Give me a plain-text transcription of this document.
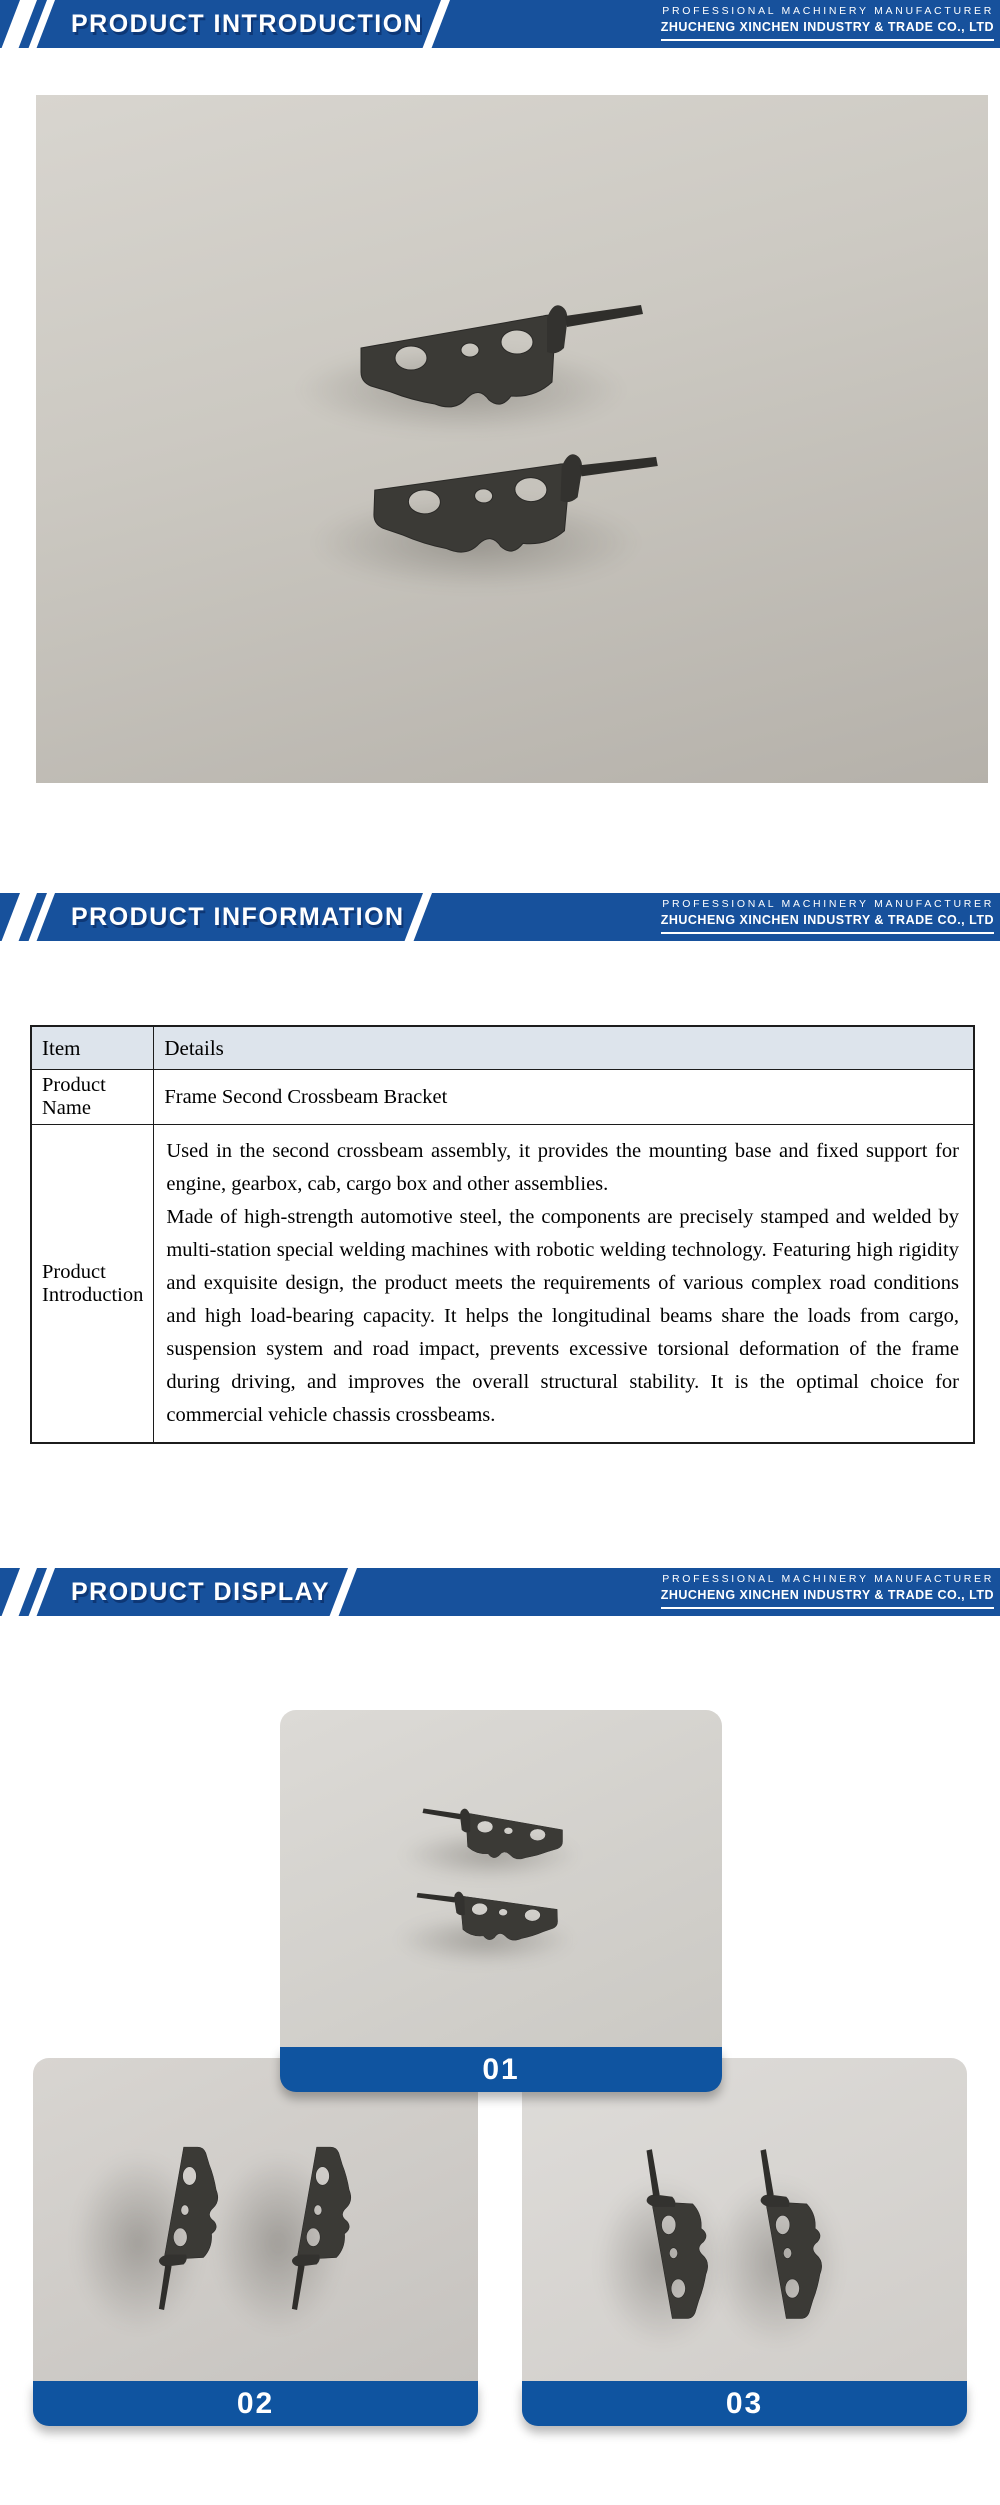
PRODUCT INTRODUCTION	PROFESSIONAL MACHINERY MANUFACTURER
ZHUCHENG XINCHEN INDUSTRY & TRADE CO., LTD
PRODUCT INFORMATION	PROFESSIONAL MACHINERY MANUFACTURER
ZHUCHENG XINCHEN INDUSTRY & TRADE CO., LTD
Item	Details
Product Name	Frame Second Crossbeam Bracket
Product Introduction	Used in the second crossbeam assembly, it provides the mounting base and fixed support for engine, gearbox, cab, cargo box and other assemblies.

Made of high-strength automotive steel, the components are precisely stamped and welded by multi-station special welding machines with robotic welding technology. Featuring high rigidity and exquisite design, the product meets the requirements of various complex road conditions and high load-bearing capacity. It helps the longitudinal beams share the loads from cargo, suspension system and road impact, prevents excessive torsional deformation of the frame during driving, and improves the overall structural stability. It is the optimal choice for commercial vehicle chassis crossbeams.

PRODUCT DISPLAY	PROFESSIONAL MACHINERY MANUFACTURER
ZHUCHENG XINCHEN INDUSTRY & TRADE CO., LTD
01
02	03
